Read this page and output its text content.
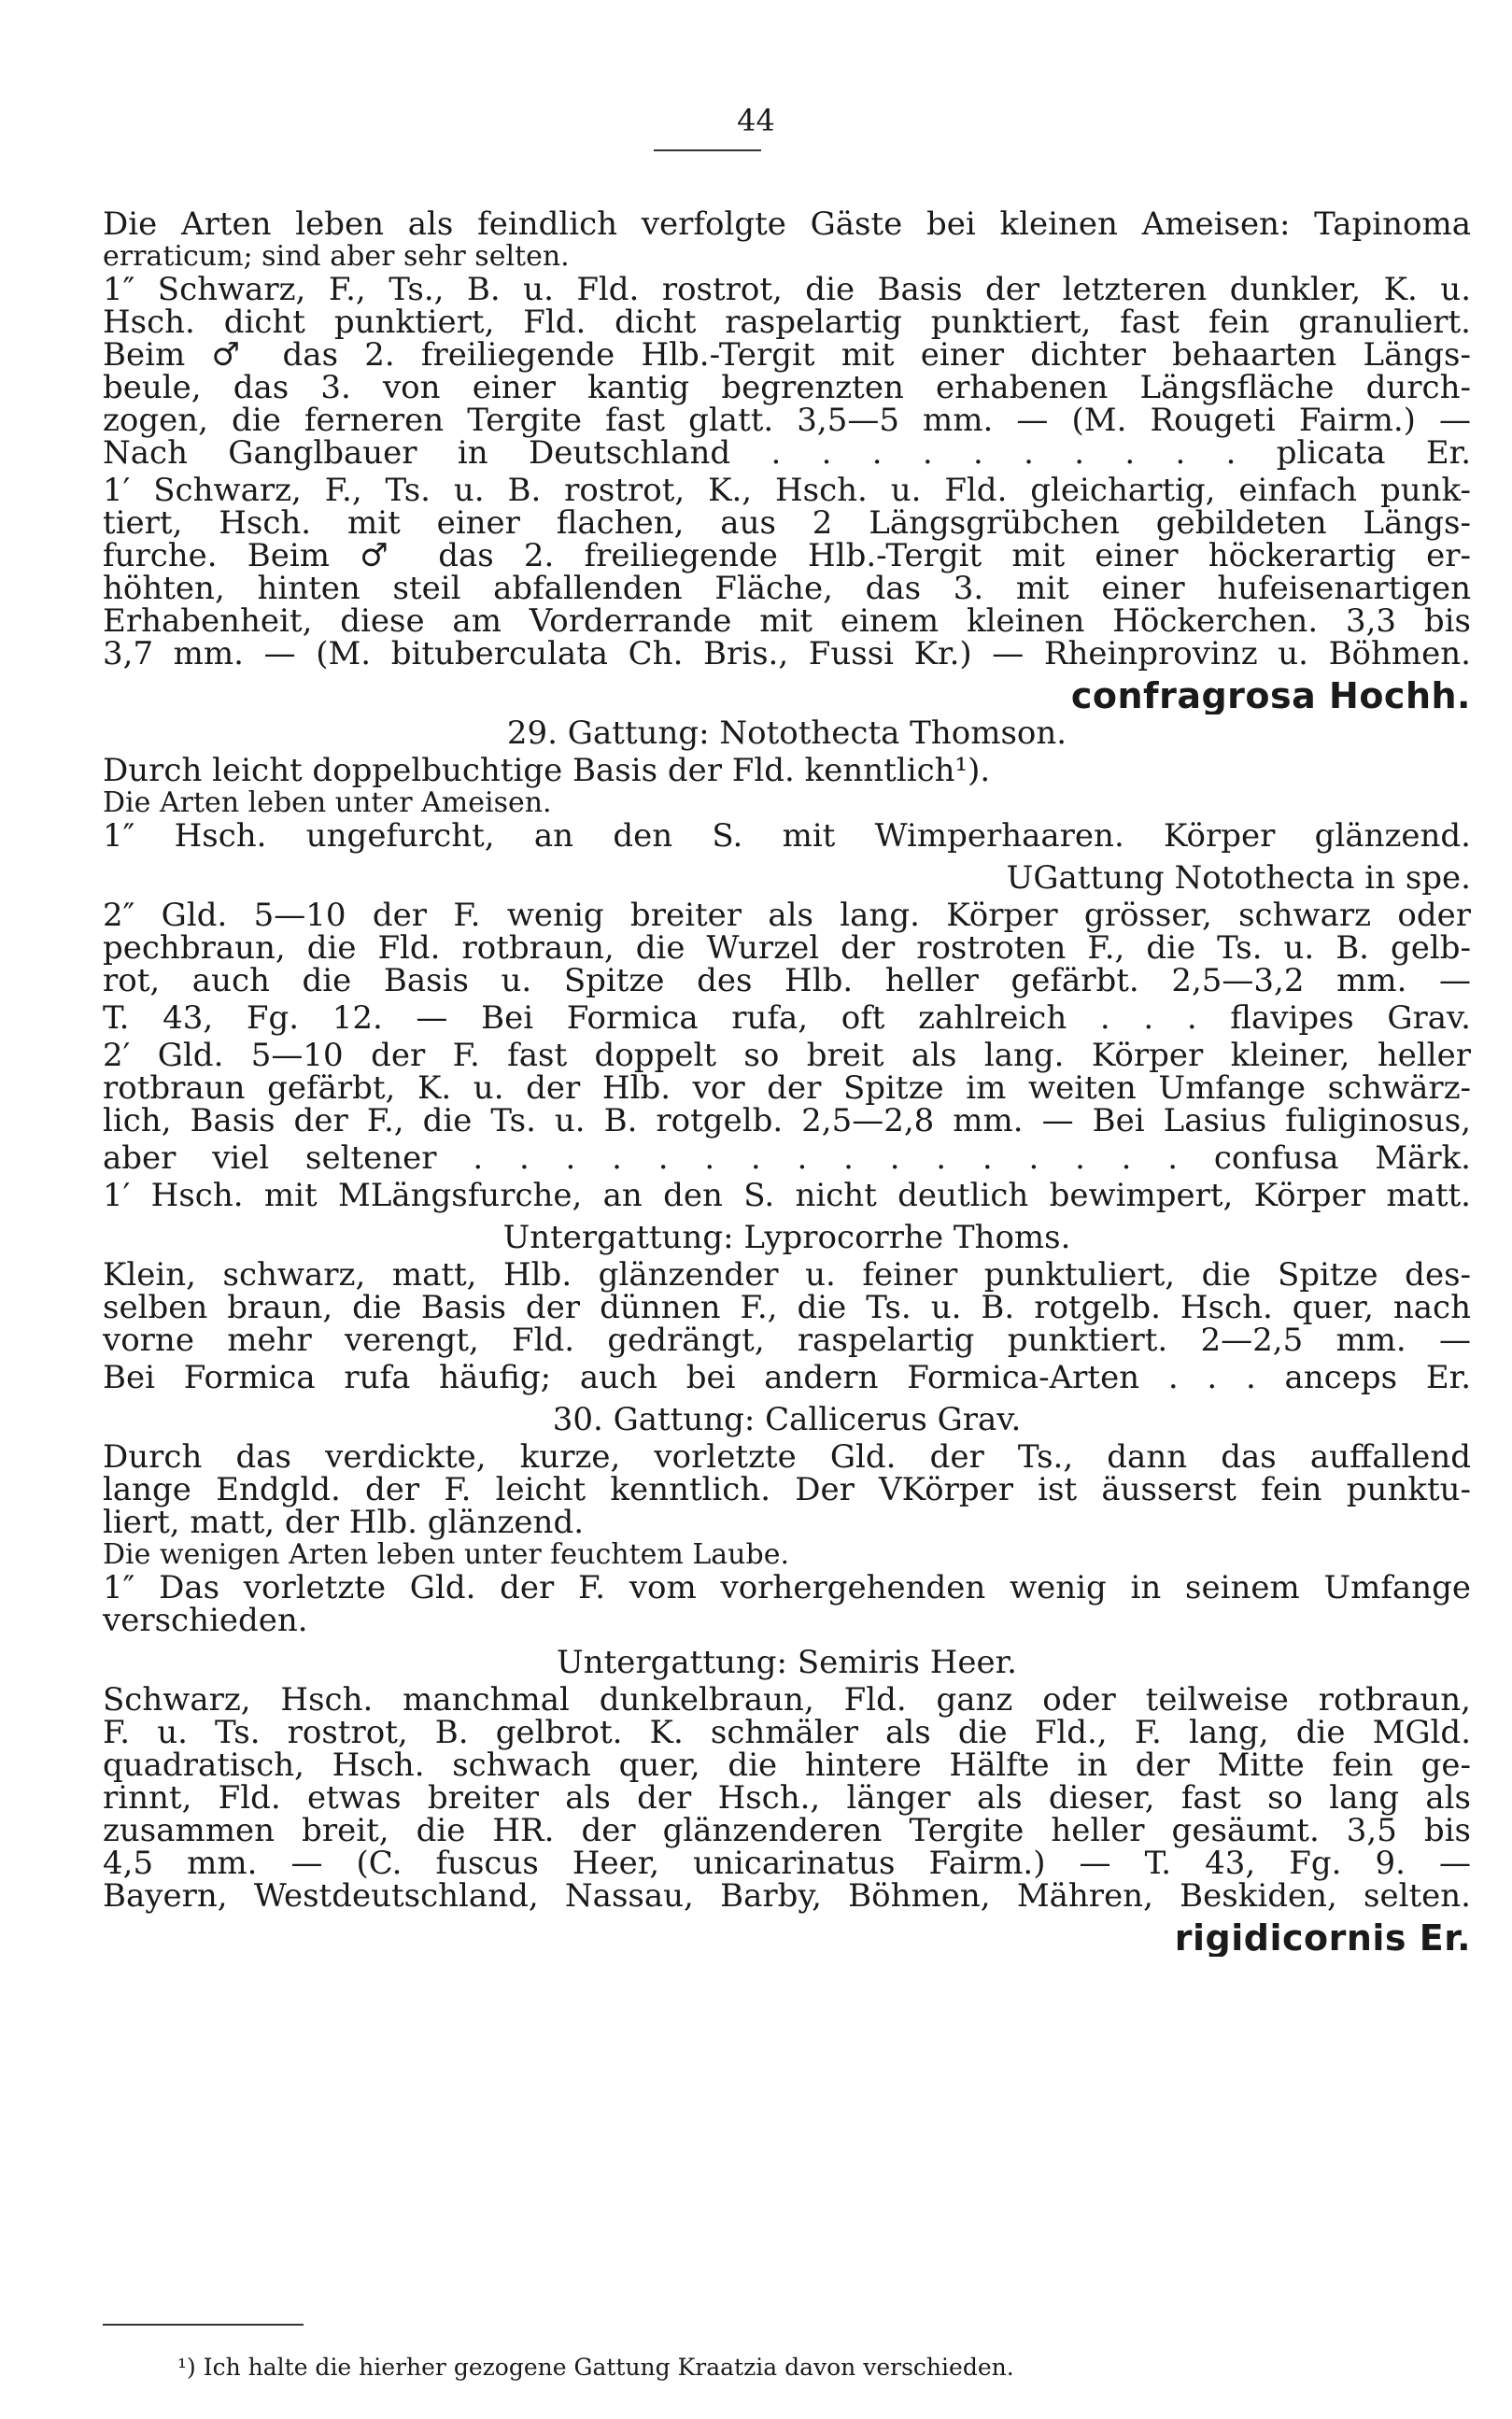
44
Die Arten leben als feindlich verfolgte Gäste bei kleinen Ameisen: Tapinoma
erraticum; sind aber sehr selten.
1″ Schwarz, F., Ts., B. u. Fld. rostrot, die Basis der letzteren dunkler, K. u.
Hsch. dicht punktiert, Fld. dicht raspelartig punktiert, fast fein granuliert.
Beim ♂ das 2. freiliegende Hlb.-Tergit mit einer dichter behaarten Längs-
beule, das 3. von einer kantig begrenzten erhabenen Längsfläche durch-
zogen, die ferneren Tergite fast glatt. 3,5—5 mm. — (M. Rougeti Fairm.) —
Nach Ganglbauer in Deutschland . . . . . . . . . . plicata Er.
1′ Schwarz, F., Ts. u. B. rostrot, K., Hsch. u. Fld. gleichartig, einfach punk-
tiert, Hsch. mit einer flachen, aus 2 Längsgrübchen gebildeten Längs-
furche. Beim ♂ das 2. freiliegende Hlb.-Tergit mit einer höckerartig er-
höhten, hinten steil abfallenden Fläche, das 3. mit einer hufeisenartigen
Erhabenheit, diese am Vorderrande mit einem kleinen Höckerchen. 3,3 bis
3,7 mm. — (M. bituberculata Ch. Bris., Fussi Kr.) — Rheinprovinz u. Böhmen.
confragrosa Hochh.
29. Gattung: Notothecta Thomson.
Durch leicht doppelbuchtige Basis der Fld. kenntlich¹).
Die Arten leben unter Ameisen.
1″ Hsch. ungefurcht, an den S. mit Wimperhaaren. Körper glänzend.
UGattung Notothecta in spe.
2″ Gld. 5—10 der F. wenig breiter als lang. Körper grösser, schwarz oder
pechbraun, die Fld. rotbraun, die Wurzel der rostroten F., die Ts. u. B. gelb-
rot, auch die Basis u. Spitze des Hlb. heller gefärbt. 2,5—3,2 mm. —
T. 43, Fg. 12. — Bei Formica rufa, oft zahlreich . . . flavipes Grav.
2′ Gld. 5—10 der F. fast doppelt so breit als lang. Körper kleiner, heller
rotbraun gefärbt, K. u. der Hlb. vor der Spitze im weiten Umfange schwärz-
lich, Basis der F., die Ts. u. B. rotgelb. 2,5—2,8 mm. — Bei Lasius fuliginosus,
aber viel seltener . . . . . . . . . . . . . . . . confusa Märk.
1′ Hsch. mit MLängsfurche, an den S. nicht deutlich bewimpert, Körper matt.
Untergattung: Lyprocorrhe Thoms.
Klein, schwarz, matt, Hlb. glänzender u. feiner punktuliert, die Spitze des-
selben braun, die Basis der dünnen F., die Ts. u. B. rotgelb. Hsch. quer, nach
vorne mehr verengt, Fld. gedrängt, raspelartig punktiert. 2—2,5 mm. —
Bei Formica rufa häufig; auch bei andern Formica-Arten . . . anceps Er.
30. Gattung: Callicerus Grav.
Durch das verdickte, kurze, vorletzte Gld. der Ts., dann das auffallend
lange Endgld. der F. leicht kenntlich. Der VKörper ist äusserst fein punktu-
liert, matt, der Hlb. glänzend.
Die wenigen Arten leben unter feuchtem Laube.
1″ Das vorletzte Gld. der F. vom vorhergehenden wenig in seinem Umfange
verschieden.
Untergattung: Semiris Heer.
Schwarz, Hsch. manchmal dunkelbraun, Fld. ganz oder teilweise rotbraun,
F. u. Ts. rostrot, B. gelbrot. K. schmäler als die Fld., F. lang, die MGld.
quadratisch, Hsch. schwach quer, die hintere Hälfte in der Mitte fein ge-
rinnt, Fld. etwas breiter als der Hsch., länger als dieser, fast so lang als
zusammen breit, die HR. der glänzenderen Tergite heller gesäumt. 3,5 bis
4,5 mm. — (C. fuscus Heer, unicarinatus Fairm.) — T. 43, Fg. 9. —
Bayern, Westdeutschland, Nassau, Barby, Böhmen, Mähren, Beskiden, selten.
rigidicornis Er.
¹) Ich halte die hierher gezogene Gattung Kraatzia davon verschieden.
